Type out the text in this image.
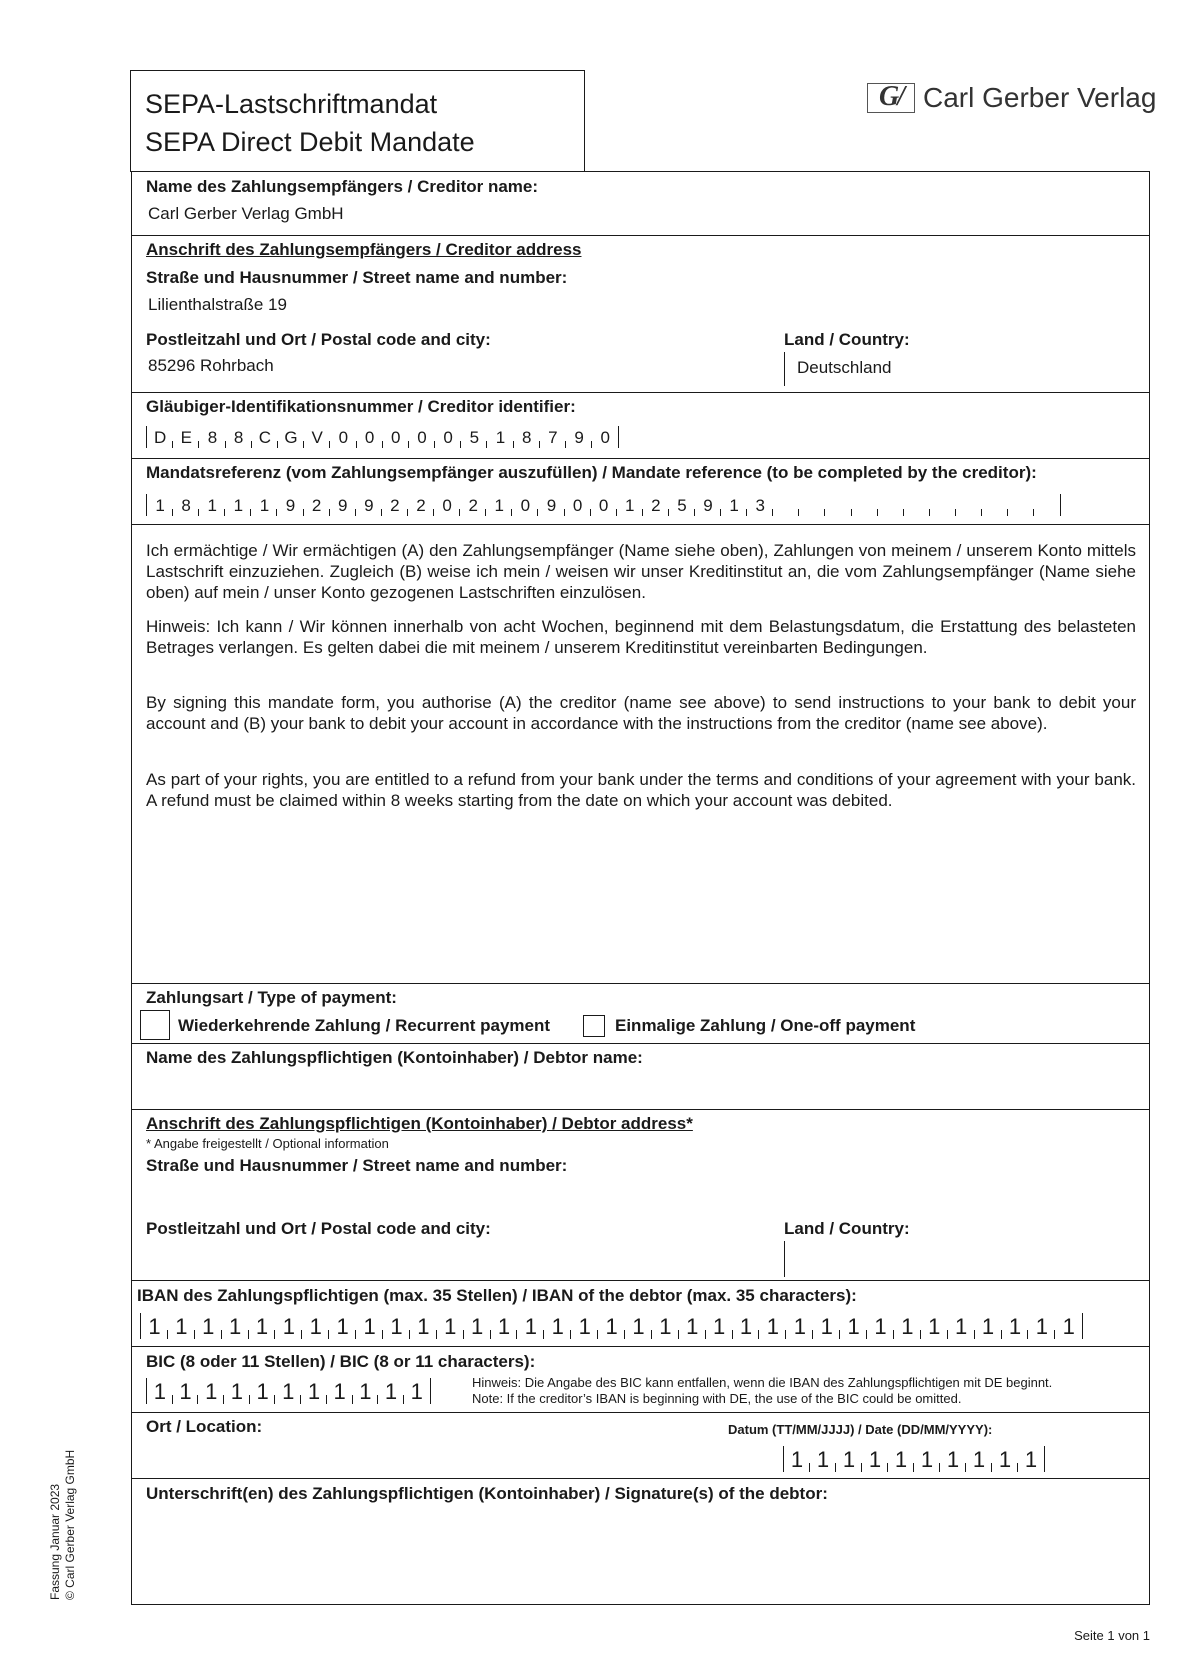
SEPA-Lastschriftmandat
SEPA Direct Debit Mandate
G/ Carl Gerber Verlag
Name des Zahlungsempfängers / Creditor name:
Carl Gerber Verlag GmbH
Anschrift des Zahlungsempfängers / Creditor address
Straße und Hausnummer / Street name and number:
Lilienthalstraße 19
Postleitzahl und Ort / Postal code and city:
85296 Rohrbach
Land / Country:
Deutschland
Gläubiger-Identifikationsnummer / Creditor identifier:
D E 8 8 C G V 0 0 0 0 0 5 1 8 7 9 0
Mandatsreferenz (vom Zahlungsempfänger auszufüllen) / Mandate reference (to be completed by the creditor):
1 8 1 1 1 9 2 9 9 2 2 0 2 1 0 9 0 0 1 2 5 9 1 3
Ich ermächtige / Wir ermächtigen (A) den Zahlungsempfänger (Name siehe oben), Zahlungen von meinem / unserem Konto mittels Lastschrift einzuziehen. Zugleich (B) weise ich mein / weisen wir unser Kreditinstitut an, die vom Zahlungsempfänger (Name siehe oben) auf mein / unser Konto gezogenen Lastschriften einzulösen.
Hinweis: Ich kann / Wir können innerhalb von acht Wochen, beginnend mit dem Belastungsdatum, die Erstattung des belasteten Betrages verlangen. Es gelten dabei die mit meinem / unserem Kreditinstitut vereinbarten Bedingungen.
By signing this mandate form, you authorise (A) the creditor (name see above) to send instructions to your bank to debit your account and (B) your bank to debit your account in accordance with the instructions from the creditor (name see above).
As part of your rights, you are entitled to a refund from your bank under the terms and conditions of your agreement with your bank. A refund must be claimed within 8 weeks starting from the date on which your account was debited.
Zahlungsart / Type of payment:
Wiederkehrende Zahlung / Recurrent payment	Einmalige Zahlung / One-off payment
Name des Zahlungspflichtigen (Kontoinhaber) / Debtor name:
Anschrift des Zahlungspflichtigen (Kontoinhaber) / Debtor address*
* Angabe freigestellt / Optional information
Straße und Hausnummer / Street name and number:
Postleitzahl und Ort / Postal code and city:	Land / Country:
IBAN des Zahlungspflichtigen (max. 35 Stellen) / IBAN of the debtor (max. 35 characters):
1 1 1 1 1 1 1 1 1 1 1 1 1 1 1 1 1 1 1 1 1 1 1 1 1 1 1 1 1 1 1 1 1 1 1
BIC (8 oder 11 Stellen) / BIC (8 or 11 characters):
1 1 1 1 1 1 1 1 1 1 1	Hinweis: Die Angabe des BIC kann entfallen, wenn die IBAN des Zahlungspflichtigen mit DE beginnt.
Note: If the creditor’s IBAN is beginning with DE, the use of the BIC could be omitted.
Ort / Location:	Datum (TT/MM/JJJJ) / Date (DD/MM/YYYY):
1 1 1 1 1 1 1 1 1 1
Unterschrift(en) des Zahlungspflichtigen (Kontoinhaber) / Signature(s) of the debtor:
Fassung Januar 2023 © Carl Gerber Verlag GmbH
Seite 1 von 1
